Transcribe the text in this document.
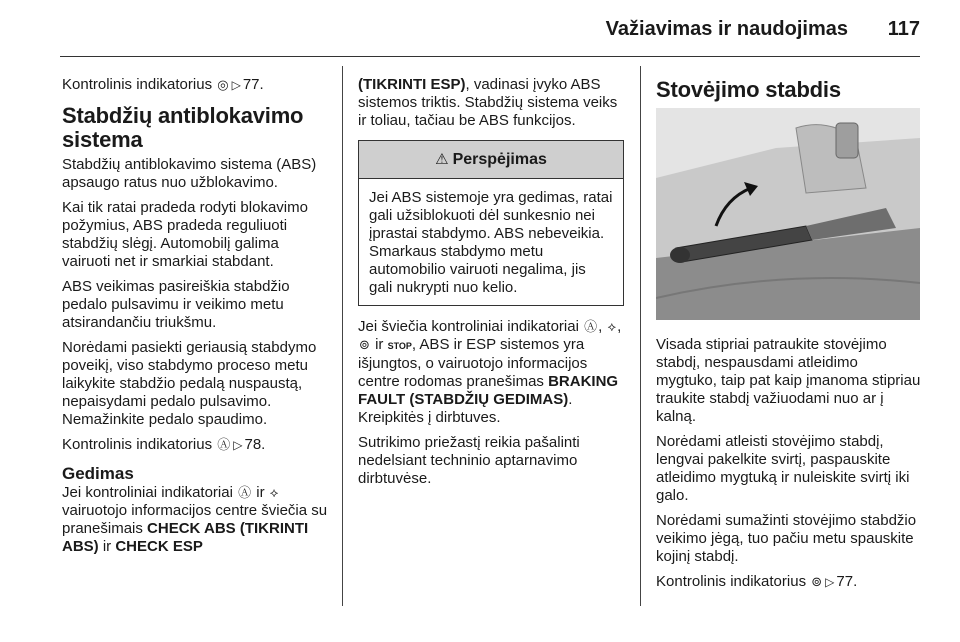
Važiavimas ir naudojimas 117

Kontrolinis indikatorius ◎ ▷ 77.

Stabdžių antiblokavimo sistema

Stabdžių antiblokavimo sistema (ABS) apsaugo ratus nuo užblokavimo.

Kai tik ratai pradeda rodyti blokavimo požymius, ABS pradeda reguliuoti stabdžių slėgį. Automobilį galima vairuoti net ir smarkiai stabdant.

ABS veikimas pasireiškia stabdžio pedalo pulsavimu ir veikimo metu atsirandančiu triukšmu.

Norėdami pasiekti geriausią stabdymo poveikį, viso stabdymo proceso metu laikykite stabdžio pedalą nuspaustą, nepaisydami pedalo pulsavimo. Nemažinkite pedalo spaudimo.

Kontrolinis indikatorius Ⓐ ▷ 78.

Gedimas

Jei kontroliniai indikatoriai Ⓐ ir ⟡ vairuotojo informacijos centre šviečia su pranešimais CHECK ABS (TIKRINTI ABS) ir CHECK ESP

(TIKRINTI ESP), vadinasi įvyko ABS sistemos triktis. Stabdžių sistema veiks ir toliau, tačiau be ABS funkcijos.

⚠ Perspėjimas
Jei ABS sistemoje yra gedimas, ratai gali užsiblokuoti dėl sunkesnio nei įprastai stabdymo. ABS nebeveikia. Smarkaus stabdymo metu automobilio vairuoti negalima, jis gali nukrypti nuo kelio.

Jei šviečia kontroliniai indikatoriai Ⓐ, ⟡, ⊚ ir STOP, ABS ir ESP sistemos yra išjungtos, o vairuotojo informacijos centre rodomas pranešimas BRAKING FAULT (STABDŽIŲ GEDIMAS). Kreipkitės į dirbtuves.

Sutrikimo priežastį reikia pašalinti nedelsiant techninio aptarnavimo dirbtuvėse.

Stovėjimo stabdis

Visada stipriai patraukite stovėjimo stabdį, nespausdami atleidimo mygtuko, taip pat kaip įmanoma stipriau traukite stabdį važiuodami nuo ar į kalną.

Norėdami atleisti stovėjimo stabdį, lengvai pakelkite svirtį, paspauskite atleidimo mygtuką ir nuleiskite svirtį iki galo.

Norėdami sumažinti stovėjimo stabdžio veikimo jėgą, tuo pačiu metu spauskite kojinį stabdį.

Kontrolinis indikatorius ⊚ ▷ 77.
